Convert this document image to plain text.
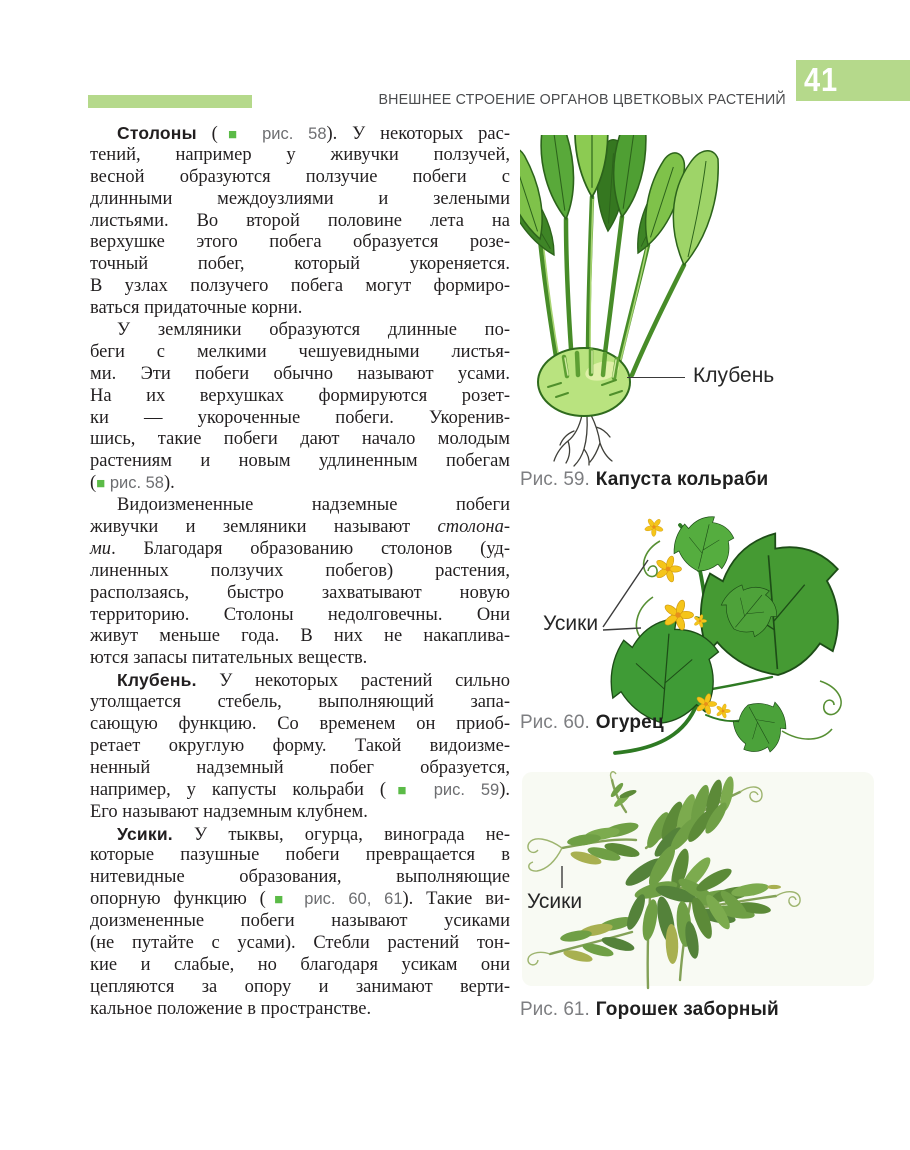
ВНЕШНЕЕ СТРОЕНИЕ ОРГАНОВ ЦВЕТКОВЫХ РАСТЕНИЙ
41
Столоны (■ рис. 58). У некоторых рас-
тений, например у живучки ползучей,
весной образуются ползучие побеги с
длинными междоузлиями и зелеными
листьями. Во второй половине лета на
верхушке этого побега образуется розе-
точный побег, который укореняется.
В узлах ползучего побега могут формиро-
ваться придаточные корни.
У земляники образуются длинные по-
беги с мелкими чешуевидными листья-
ми. Эти побеги обычно называют усами.
На их верхушках формируются розет-
ки — укороченные побеги. Укоренив-
шись, такие побеги дают начало молодым
растениям и новым удлиненным побегам
(■ рис. 58).
Видоизмененные надземные побеги
живучки и земляники называют столона-
ми. Благодаря образованию столонов (уд-
линенных ползучих побегов) растения,
расползаясь, быстро захватывают новую
территорию. Столоны недолговечны. Они
живут меньше года. В них не накаплива-
ются запасы питательных веществ.
Клубень. У некоторых растений сильно
утолщается стебель, выполняющий запа-
сающую функцию. Со временем он приоб-
ретает округлую форму. Такой видоизме-
ненный надземный побег образуется,
например, у капусты кольраби (■ рис. 59).
Его называют надземным клубнем.
Усики. У тыквы, огурца, винограда не-
которые пазушные побеги превращается в
нитевидные образования, выполняющие
опорную функцию (■ рис. 60, 61). Такие ви-
доизмененные побеги называют усиками
(не путайте с усами). Стебли растений тон-
кие и слабые, но благодаря усикам они
цепляются за опору и занимают верти-
кальное положение в пространстве.
Клубень
Рис. 59. Капуста кольраби
Усики
Рис. 60. Огурец
Усики
Рис. 61. Горошек заборный
